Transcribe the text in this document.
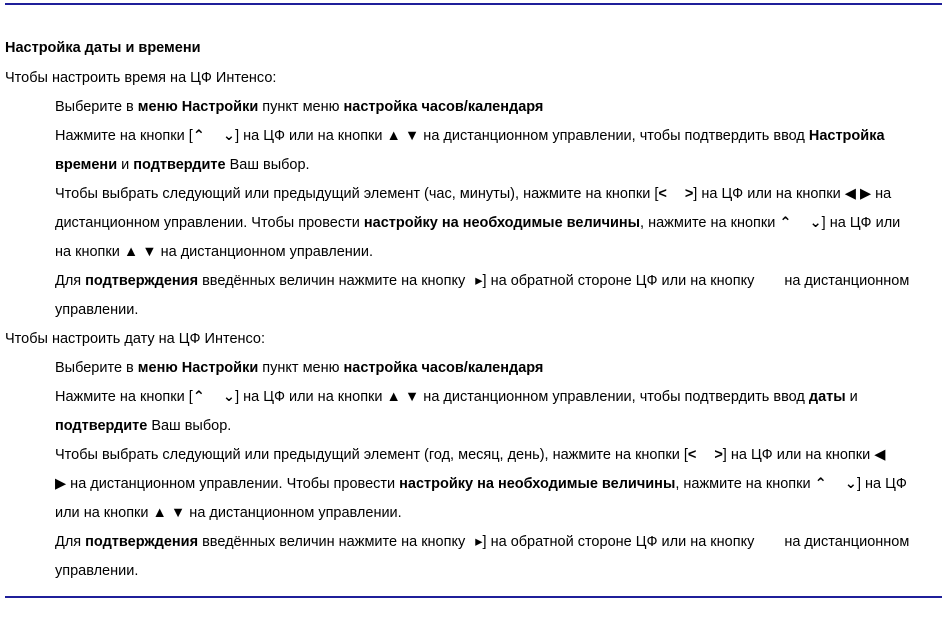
Настройка даты и времени
Чтобы настроить время на ЦФ Интенсо:
Выберите в меню Настройки пункт меню настройка часов/календаря
Нажмите на кнопки [⌃ ⌄] на ЦФ или на кнопки ▲ ▼ на дистанционном управлении, чтобы подтвердить ввод Настройка
времени и подтвердите Ваш выбор.
Чтобы выбрать следующий или предыдущий элемент (час, минуты), нажмите на кнопки [< >] на ЦФ или на кнопки ◀ ▶ на
дистанционном управлении. Чтобы провести настройку на необходимые величины, нажмите на кнопки ⌃ ⌄] на ЦФ или
на кнопки ▲ ▼ на дистанционном управлении.
Для подтверждения введённых величин нажмите на кнопку ▸] на обратной стороне ЦФ или на кнопку на дистанционном
управлении.
Чтобы настроить дату на ЦФ Интенсо:
Выберите в меню Настройки пункт меню настройка часов/календаря
Нажмите на кнопки [⌃ ⌄] на ЦФ или на кнопки ▲ ▼ на дистанционном управлении, чтобы подтвердить ввод даты и
подтвердите Ваш выбор.
Чтобы выбрать следующий или предыдущий элемент (год, месяц, день), нажмите на кнопки [< >] на ЦФ или на кнопки ◀
▶ на дистанционном управлении. Чтобы провести настройку на необходимые величины, нажмите на кнопки ⌃ ⌄] на ЦФ
или на кнопки ▲ ▼ на дистанционном управлении.
Для подтверждения введённых величин нажмите на кнопку ▸] на обратной стороне ЦФ или на кнопку на дистанционном
управлении.
